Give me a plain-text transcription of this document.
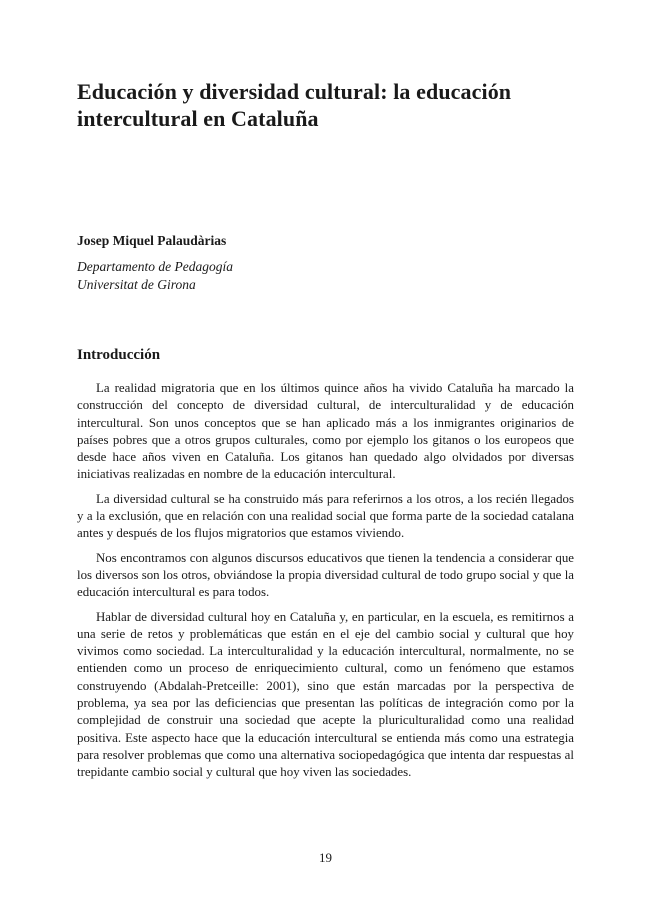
Educación y diversidad cultural: la educación
intercultural en Cataluña

Josep Miquel Palaudàrias

Departamento de Pedagogía
Universitat de Girona

Introducción

La realidad migratoria que en los últimos quince años ha vivido Cataluña ha marcado la construcción del concepto de diversidad cultural, de interculturalidad y de educación intercultural. Son unos conceptos que se han aplicado más a los inmigrantes originarios de países pobres que a otros grupos culturales, como por ejemplo los gitanos o los europeos que desde hace años viven en Cataluña. Los gitanos han quedado algo olvidados por diversas iniciativas realizadas en nombre de la educación intercultural.

La diversidad cultural se ha construido más para referirnos a los otros, a los recién llegados y a la exclusión, que en relación con una realidad social que forma parte de la sociedad catalana antes y después de los flujos migratorios que estamos viviendo.

Nos encontramos con algunos discursos educativos que tienen la tendencia a considerar que los diversos son los otros, obviándose la propia diversidad cultural de todo grupo social y que la educación intercultural es para todos.

Hablar de diversidad cultural hoy en Cataluña y, en particular, en la escuela, es remitirnos a una serie de retos y problemáticas que están en el eje del cambio social y cultural que hoy vivimos como sociedad. La interculturalidad y la educación intercultural, normalmente, no se entienden como un proceso de enriquecimiento cultural, como un fenómeno que estamos construyendo (Abdalah-Pretceille: 2001), sino que están marcadas por la perspectiva de problema, ya sea por las deficiencias que presentan las políticas de integración como por la complejidad de construir una sociedad que acepte la pluriculturalidad como una realidad positiva. Este aspecto hace que la educación intercultural se entienda más como una estrategia para resolver problemas que como una alternativa sociopedagógica que intenta dar respuestas al trepidante cambio social y cultural que hoy viven las sociedades.

19
